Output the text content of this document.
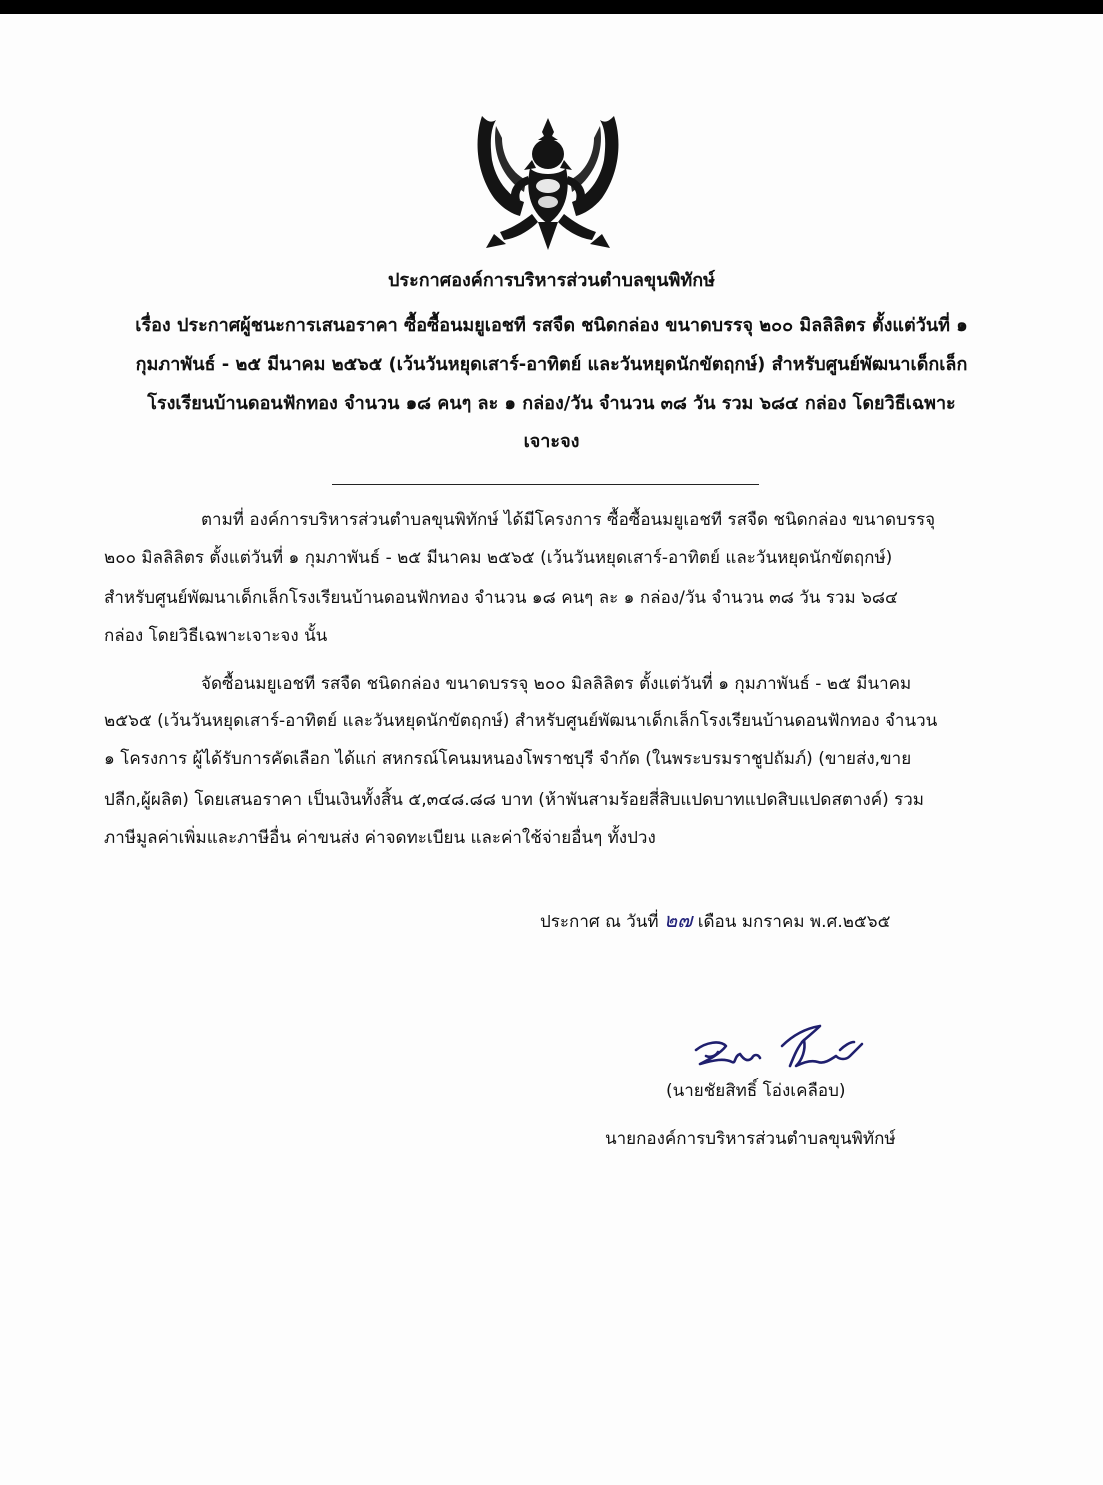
ประกาศองค์การบริหารส่วนตำบลขุนพิทักษ์
เรื่อง ประกาศผู้ชนะการเสนอราคา ซื้อซื้อนมยูเอชที รสจืด ชนิดกล่อง ขนาดบรรจุ ๒๐๐ มิลลิลิตร ตั้งแต่วันที่ ๑
กุมภาพันธ์ - ๒๕ มีนาคม ๒๕๖๕ (เว้นวันหยุดเสาร์-อาทิตย์ และวันหยุดนักขัตฤกษ์) สำหรับศูนย์พัฒนาเด็กเล็ก
โรงเรียนบ้านดอนฟักทอง จำนวน ๑๘ คนๆ ละ ๑ กล่อง/วัน จำนวน ๓๘ วัน รวม ๖๘๔ กล่อง โดยวิธีเฉพาะ
เจาะจง
ตามที่ องค์การบริหารส่วนตำบลขุนพิทักษ์ ได้มีโครงการ ซื้อซื้อนมยูเอชที รสจืด ชนิดกล่อง ขนาดบรรจุ
๒๐๐ มิลลิลิตร ตั้งแต่วันที่ ๑ กุมภาพันธ์ - ๒๕ มีนาคม ๒๕๖๕ (เว้นวันหยุดเสาร์-อาทิตย์ และวันหยุดนักขัตฤกษ์)
สำหรับศูนย์พัฒนาเด็กเล็กโรงเรียนบ้านดอนฟักทอง จำนวน ๑๘ คนๆ ละ ๑ กล่อง/วัน จำนวน ๓๘ วัน รวม ๖๘๔
กล่อง โดยวิธีเฉพาะเจาะจง นั้น
จัดซื้อนมยูเอชที รสจืด ชนิดกล่อง ขนาดบรรจุ ๒๐๐ มิลลิลิตร ตั้งแต่วันที่ ๑ กุมภาพันธ์ - ๒๕ มีนาคม
๒๕๖๕ (เว้นวันหยุดเสาร์-อาทิตย์ และวันหยุดนักขัตฤกษ์) สำหรับศูนย์พัฒนาเด็กเล็กโรงเรียนบ้านดอนฟักทอง จำนวน
๑ โครงการ ผู้ได้รับการคัดเลือก ได้แก่ สหกรณ์โคนมหนองโพราชบุรี จำกัด (ในพระบรมราชูปถัมภ์) (ขายส่ง,ขาย
ปลีก,ผู้ผลิต) โดยเสนอราคา เป็นเงินทั้งสิ้น ๕,๓๔๘.๘๘ บาท (ห้าพันสามร้อยสี่สิบแปดบาทแปดสิบแปดสตางค์) รวม
ภาษีมูลค่าเพิ่มและภาษีอื่น ค่าขนส่ง ค่าจดทะเบียน และค่าใช้จ่ายอื่นๆ ทั้งปวง
ประกาศ ณ วันที่ ๒๗ เดือน มกราคม พ.ศ.๒๕๖๕
(นายชัยสิทธิ์ โอ่งเคลือบ)
นายกองค์การบริหารส่วนตำบลขุนพิทักษ์
